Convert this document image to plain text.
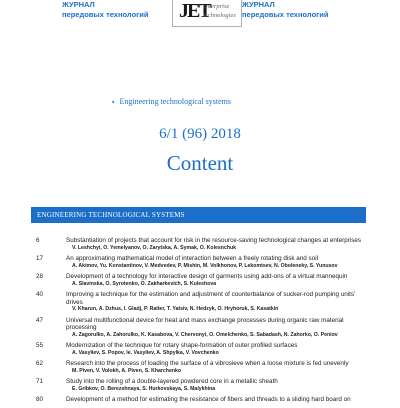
ЖУРНАЛ
передовых технологий	JET
enterprise
technologies
ЖУРНАЛ
передовых технологий
▪ Engineering technological systems
6/1 (96) 2018
Content
ENGINEERING TECHNOLOGICAL SYSTEMS
6	Substantiation of projects that account for risk in the resource-saving technological changes at enterprises
V. Leshchyi, O. Yemelyanov, O. Zarytska, A. Symak, O. Kolesnchuk
17	An approximating mathematical model of interaction between a freely rotating disk and soil
A. Akimov, Yu. Konstantinov, V. Medvedev, P. Mishin, M. Volkhonov, P. Lekomtsev, N. Oboleneky, S. Yunusov
28	Development of a technology for interactive design of garments using add-ons of a virtual mannequin
A. Slavinska, O. Syrotenko, O. Zakharkevich, S. Kuleshova
40	Improving a technique for the estimation and adjustment of counterbalance of sucker-rod pumping units' drives
V. Kharun, A. Dzhus, I. Gladj, P. Raiter, T. Yatsiv, N. Hedzyk, O. Hryhoruk, S. Kasatkin
47	Universal multifunctional device for heat and mass exchange processes during organic raw material processing
A. Zagorulko, A. Zahorulko, K. Kasabova, V. Chervonyi, O. Omelchenko, S. Sabadash, N. Zahorko, O. Peniov
55	Modernization of the technique for rotary shape-formation of outer profiled surfaces
A. Vasyliev, S. Popov, Ie. Vasyliev, A. Shpylka, V. Vovchenko
62	Research into the process of loading the surface of a vibrosieve when a loose mixture is fed unevenly
M. Piven, V. Volokh, A. Piven, S. Kharchenko
71	Study into the rolling of a double-layered powdered core in a metallic sheath
E. Gribkov, O. Berezshnaya, S. Hurkovskaya, S. Malykhina
80	Development of a method for estimating the resistance of fibers and threads to a sliding hard board on
